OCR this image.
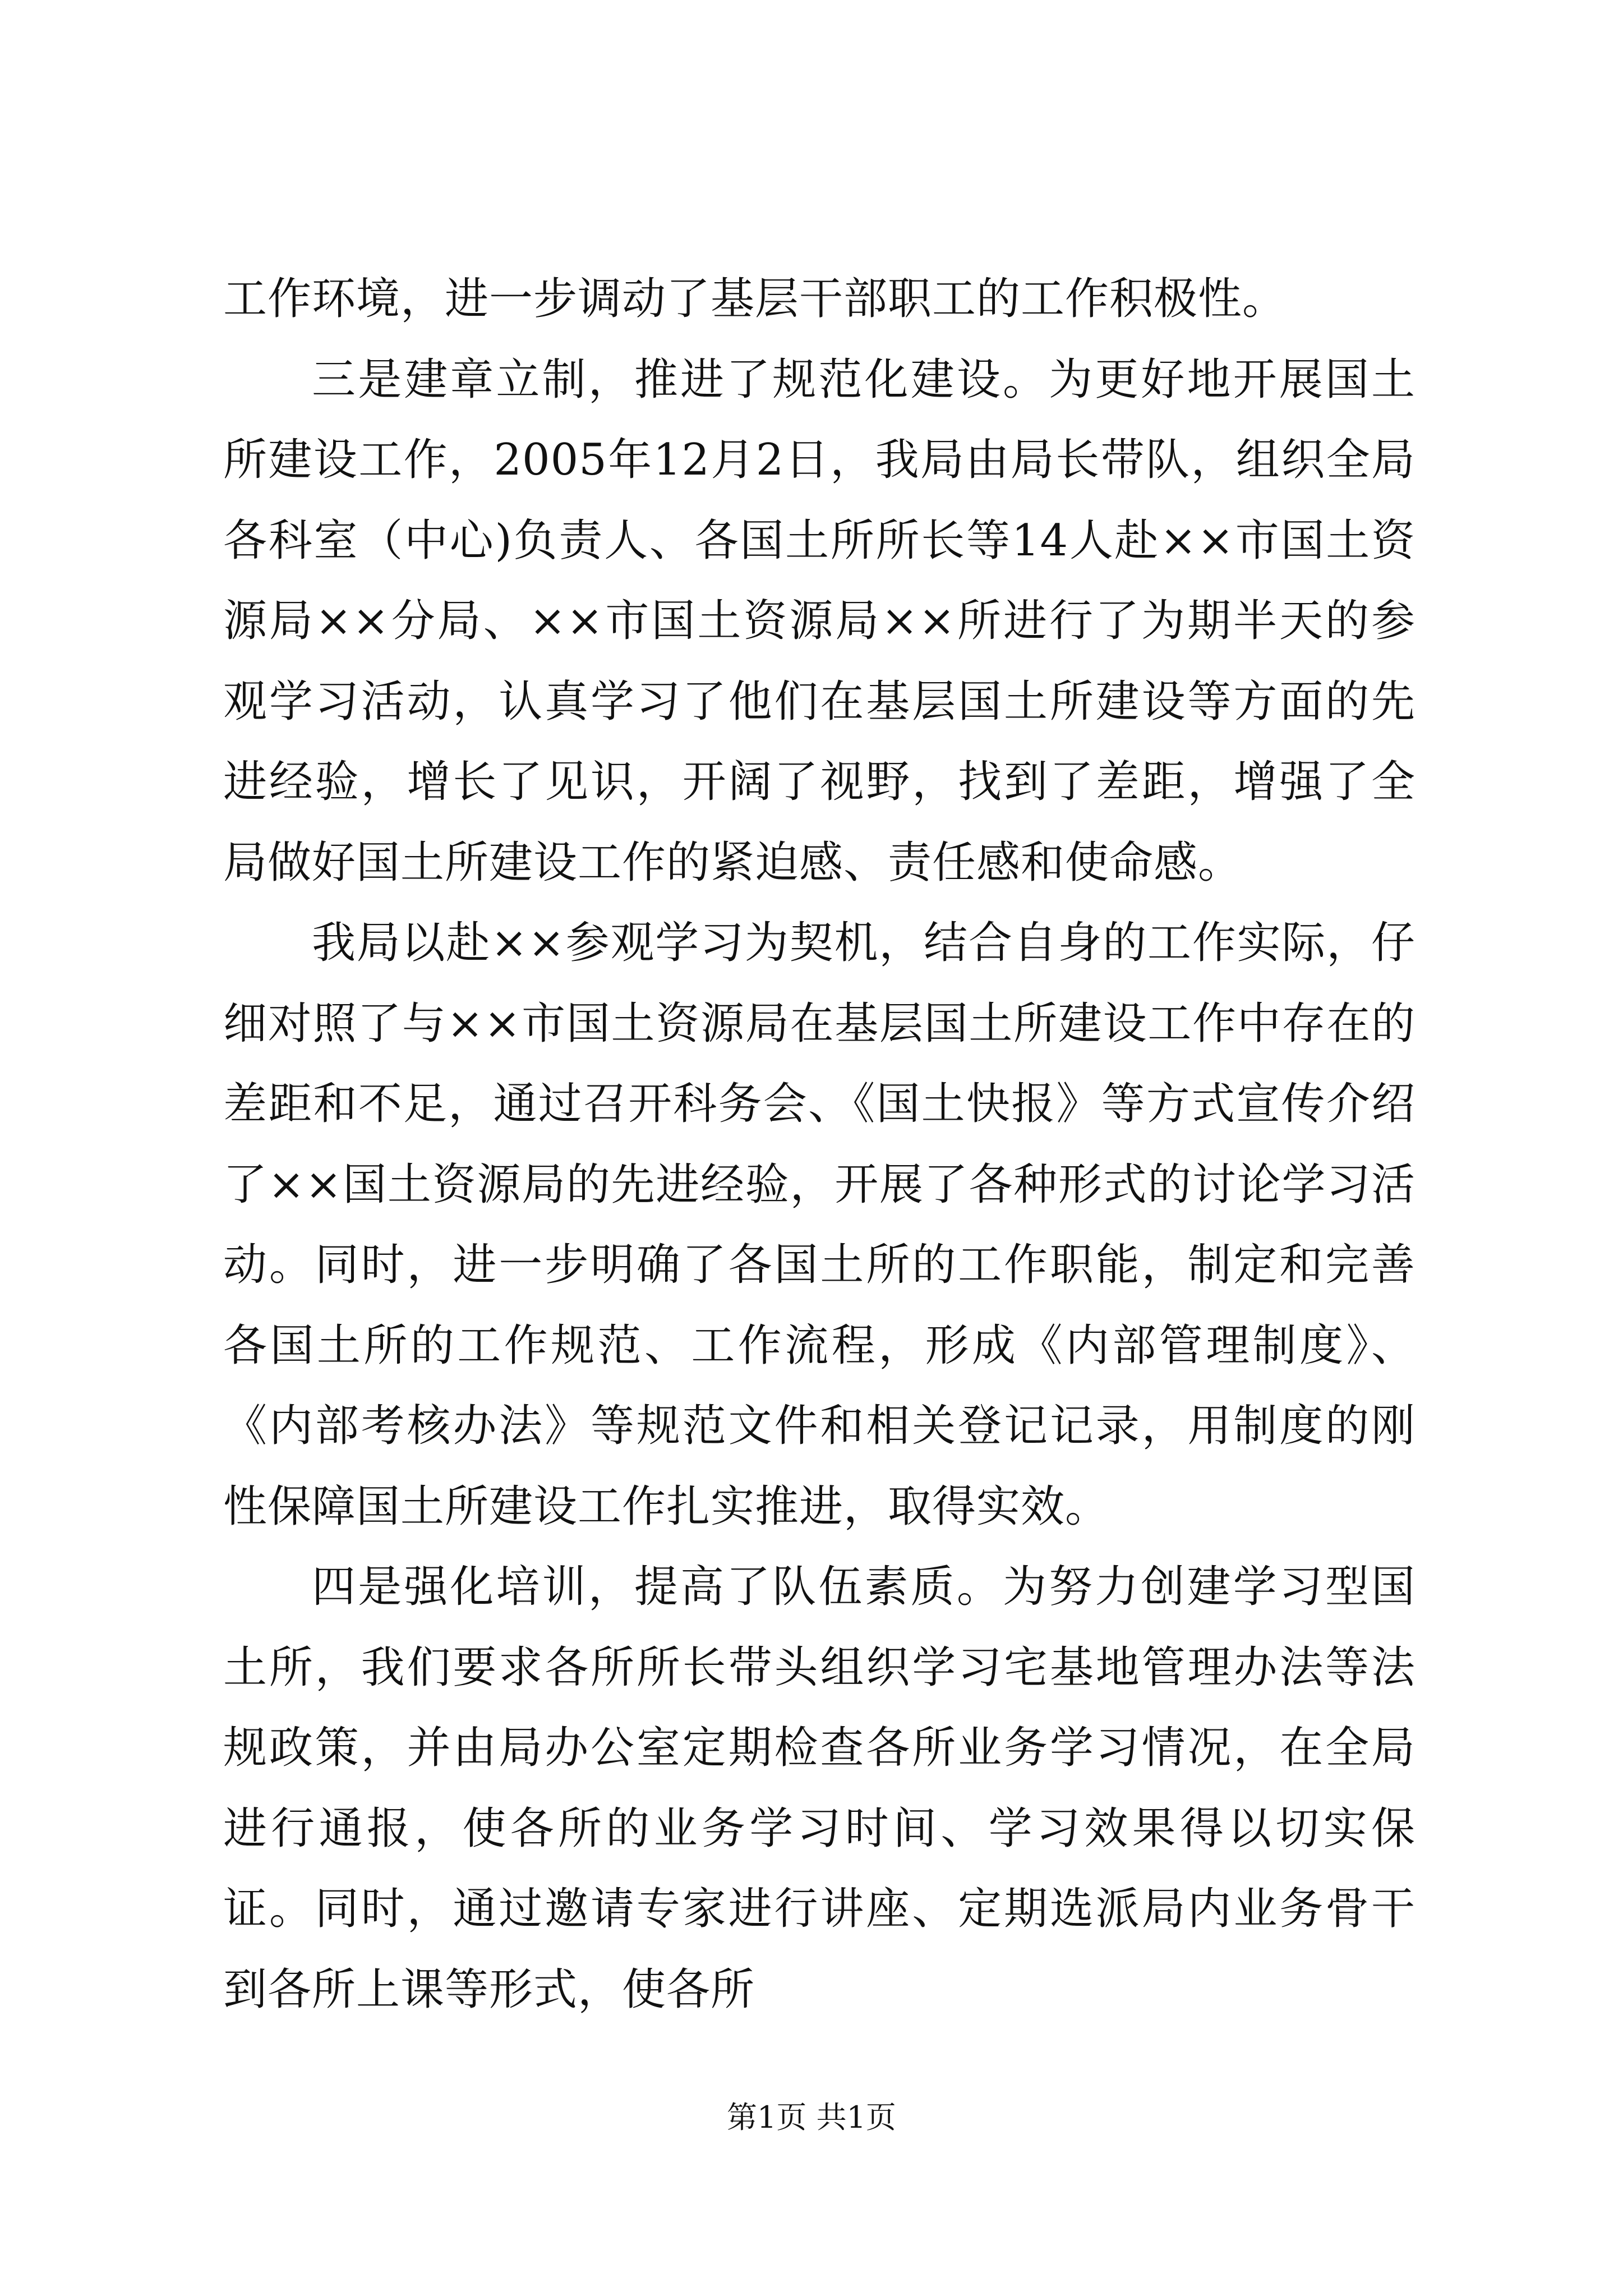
工作环境，进一步调动了基层干部职工的工作积极性。

三是建章立制，推进了规范化建设。为更好地开展国土所建设工作，2005年12月2日，我局由局长带队，组织全局各科室（中心)负责人、各国土所所长等14人赴××市国土资源局××分局、××市国土资源局××所进行了为期半天的参观学习活动，认真学习了他们在基层国土所建设等方面的先进经验，增长了见识，开阔了视野，找到了差距，增强了全局做好国土所建设工作的紧迫感、责任感和使命感。

我局以赴××参观学习为契机，结合自身的工作实际，仔细对照了与××市国土资源局在基层国土所建设工作中存在的差距和不足，通过召开科务会、《国土快报》等方式宣传介绍了××国土资源局的先进经验，开展了各种形式的讨论学习活动。同时，进一步明确了各国土所的工作职能，制定和完善各国土所的工作规范、工作流程，形成《内部管理制度》、《内部考核办法》等规范文件和相关登记记录，用制度的刚性保障国土所建设工作扎实推进，取得实效。

四是强化培训，提高了队伍素质。为努力创建学习型国土所，我们要求各所所长带头组织学习宅基地管理办法等法规政策，并由局办公室定期检查各所业务学习情况，在全局进行通报，使各所的业务学习时间、学习效果得以切实保证。同时，通过邀请专家进行讲座、定期选派局内业务骨干到各所上课等形式，使各所

第1页 共1页
